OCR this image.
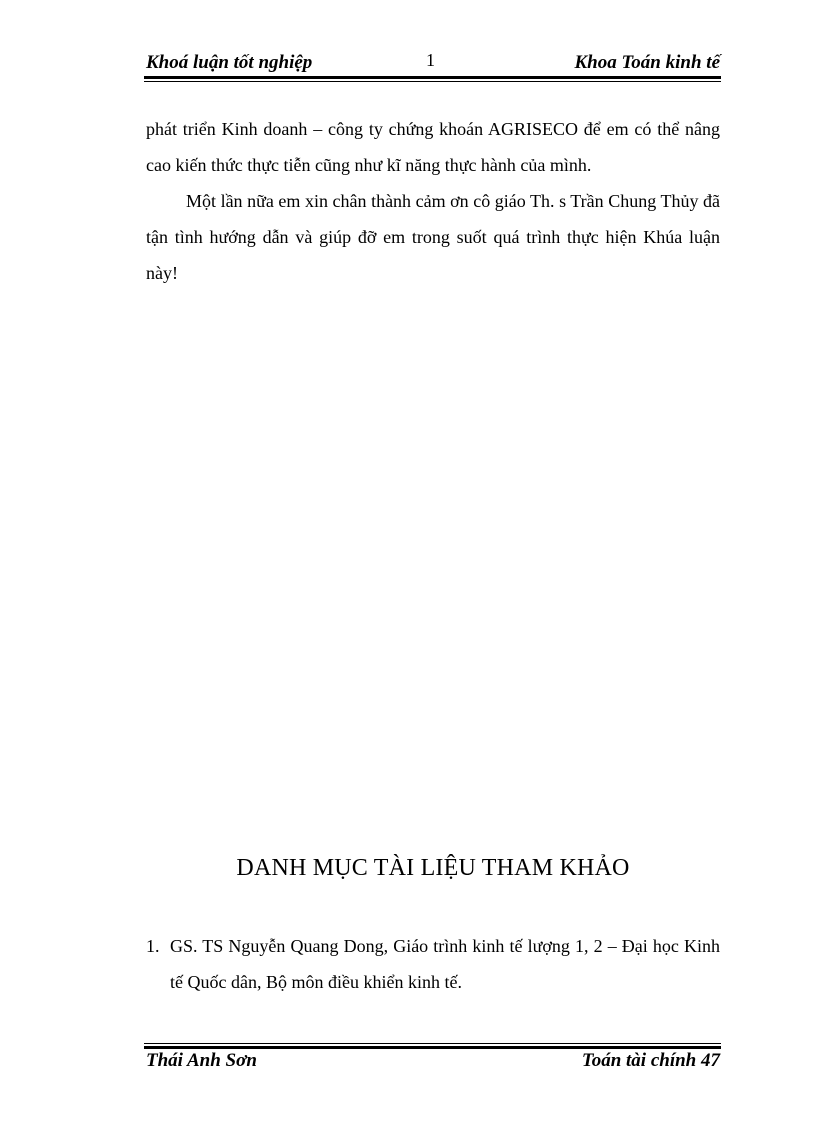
Khoá luận tốt nghiệp	1	Khoa Toán kinh tế

phát triển Kinh doanh – công ty chứng khoán AGRISECO để em có thể nâng cao kiến thức thực tiễn cũng như kĩ năng thực hành của mình.

Một lần nữa em xin chân thành cảm ơn cô giáo Th. s Trần Chung Thủy đã tận tình hướng dẫn và giúp đỡ em trong suốt quá trình thực hiện Khúa luận này!

DANH MỤC TÀI LIỆU THAM KHẢO
1. GS. TS Nguyễn Quang Dong, Giáo trình kinh tế lượng 1, 2 – Đại học Kinh tế Quốc dân, Bộ môn điều khiển kinh tế.
Thái Anh Sơn	Toán tài chính 47
